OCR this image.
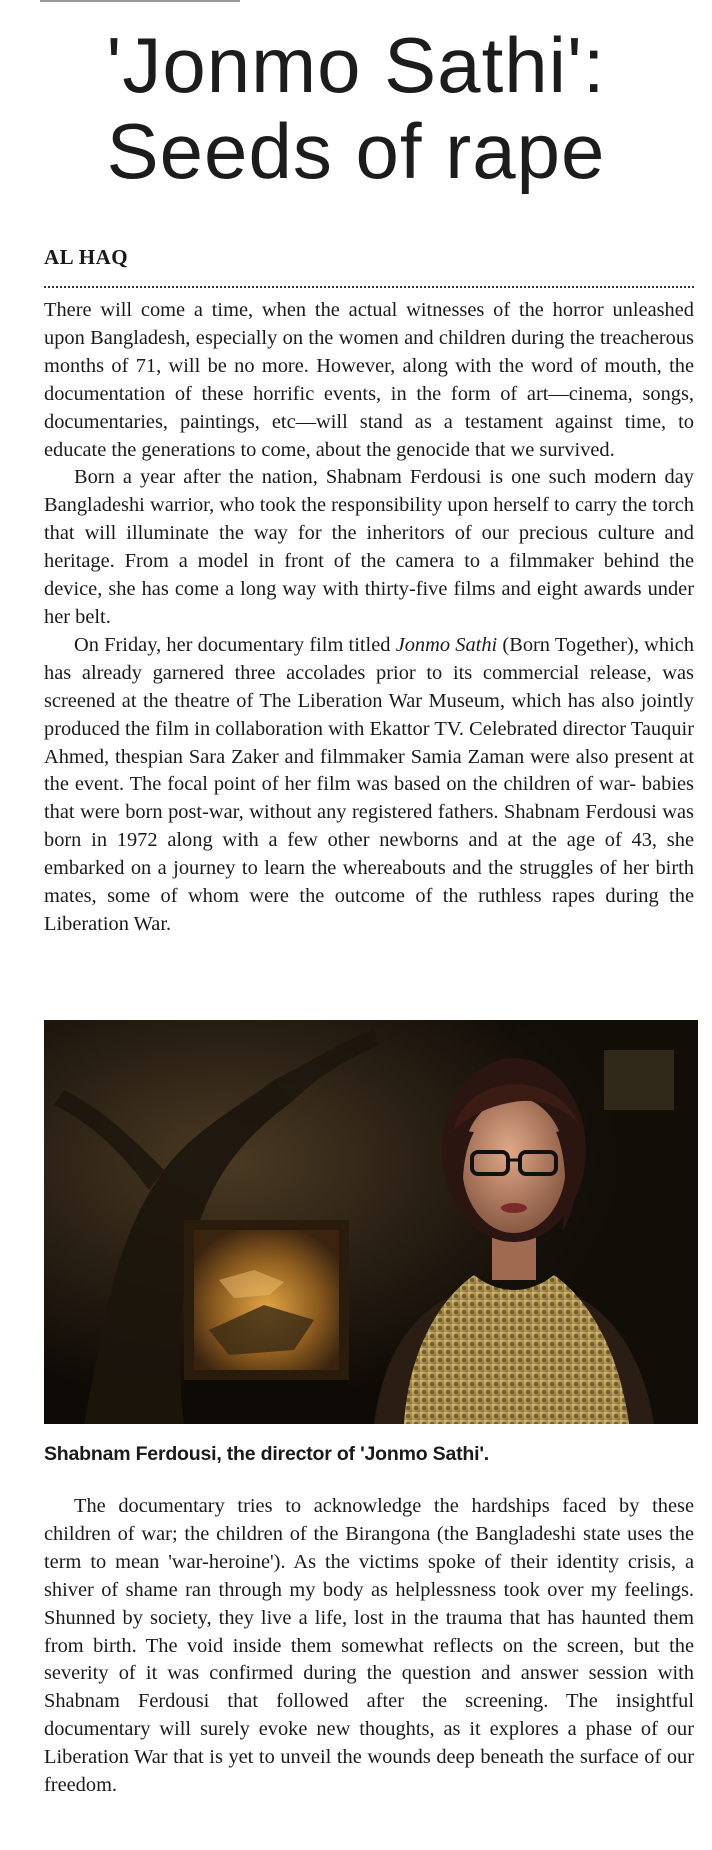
'Jonmo Sathi':
Seeds of rape
AL HAQ

There will come a time, when the actual witnesses of the horror unleashed upon Bangladesh, especially on the women and children during the treacherous months of 71, will be no more. However, along with the word of mouth, the documentation of these horrific events, in the form of art—cinema, songs, documentaries, paintings, etc—will stand as a testament against time, to educate the generations to come, about the genocide that we survived.

Born a year after the nation, Shabnam Ferdousi is one such modern day Bangladeshi warrior, who took the responsibility upon herself to carry the torch that will illuminate the way for the inheritors of our precious culture and heritage. From a model in front of the camera to a filmmaker behind the device, she has come a long way with thirty-five films and eight awards under her belt.

On Friday, her documentary film titled Jonmo Sathi (Born Together), which has already garnered three accolades prior to its commercial release, was screened at the theatre of The Liberation War Museum, which has also jointly produced the film in collaboration with Ekattor TV. Celebrated director Tauquir Ahmed, thespian Sara Zaker and filmmaker Samia Zaman were also present at the event. The focal point of her film was based on the children of war- babies that were born post-war, without any registered fathers. Shabnam Ferdousi was born in 1972 along with a few other newborns and at the age of 43, she embarked on a journey to learn the whereabouts and the struggles of her birth mates, some of whom were the outcome of the ruthless rapes during the Liberation War.

Shabnam Ferdousi, the director of 'Jonmo Sathi'.

The documentary tries to acknowledge the hardships faced by these children of war; the children of the Birangona (the Bangladeshi state uses the term to mean 'war-heroine'). As the victims spoke of their identity crisis, a shiver of shame ran through my body as helplessness took over my feelings. Shunned by society, they live a life, lost in the trauma that has haunted them from birth. The void inside them somewhat reflects on the screen, but the severity of it was confirmed during the question and answer session with Shabnam Ferdousi that followed after the screening. The insightful documentary will surely evoke new thoughts, as it explores a phase of our Liberation War that is yet to unveil the wounds deep beneath the surface of our freedom.
